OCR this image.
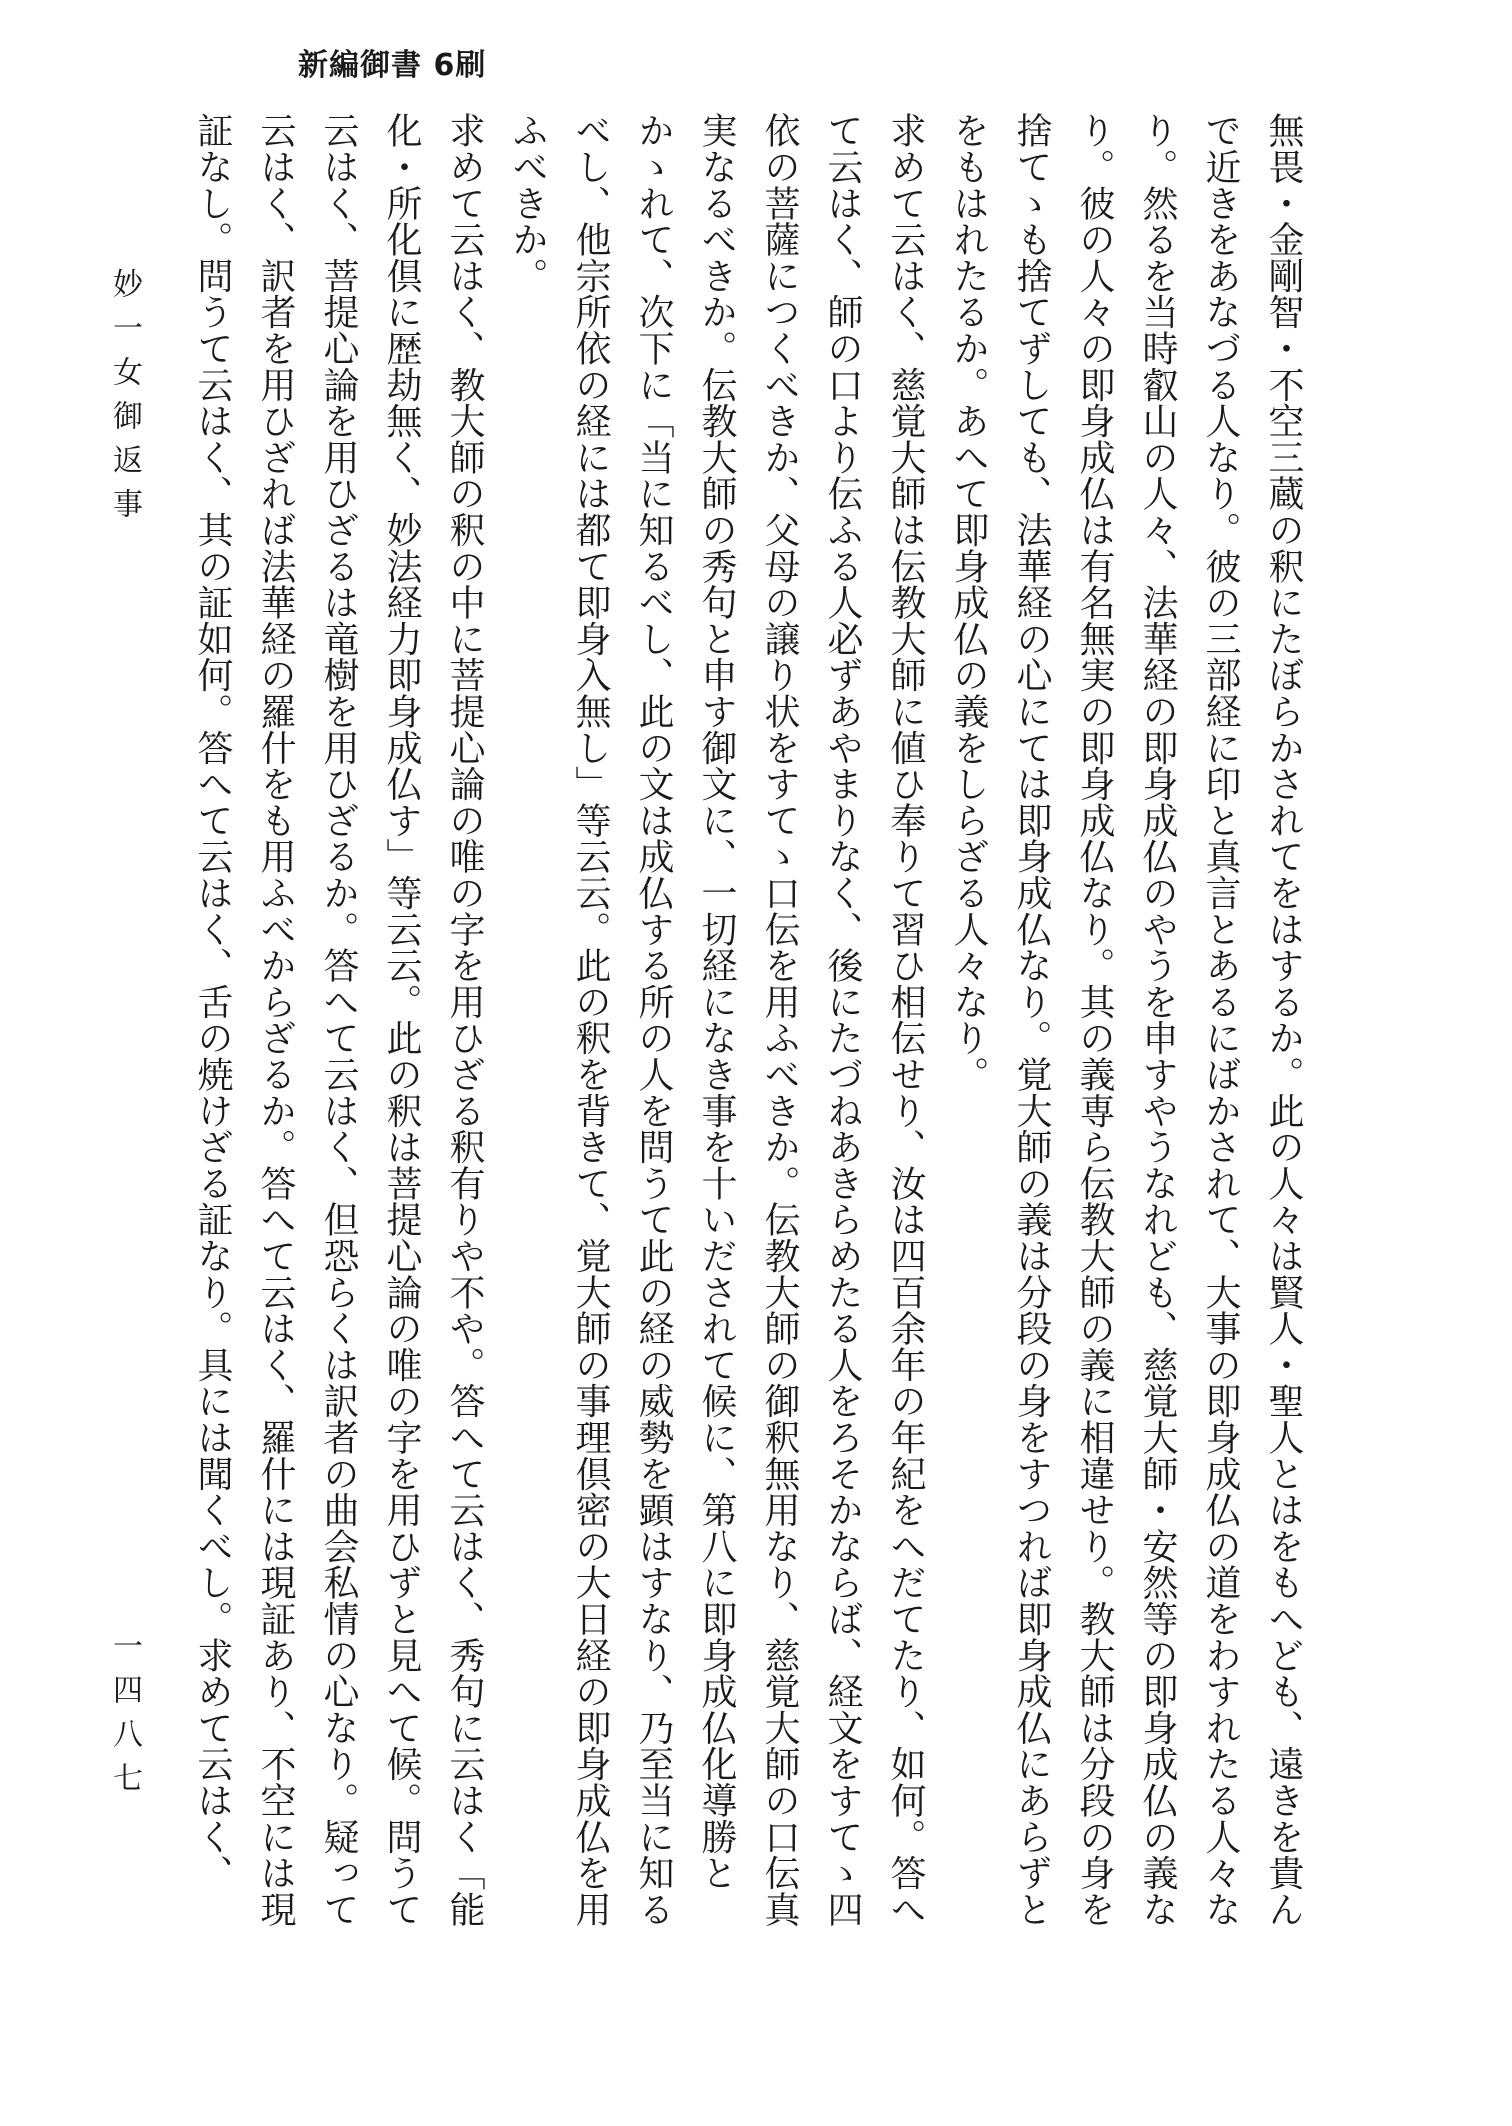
新編御書 6刷

無畏・金剛智・不空三蔵の釈にたぼらかされてをはするか。此の人々は賢人・聖人とはをもへども、遠きを貴んで近きをあなづる人なり。彼の三部経に印と真言とあるにばかされて、大事の即身成仏の道をわすれたる人々なり。然るを当時叡山の人々、法華経の即身成仏のやうを申すやうなれども、慈覚大師・安然等の即身成仏の義なり。彼の人々の即身成仏は有名無実の即身成仏なり。其の義専ら伝教大師の義に相違せり。教大師は分段の身を捨てゝも捨てずしても、法華経の心にては即身成仏なり。覚大師の義は分段の身をすつれば即身成仏にあらずとをもはれたるか。あへて即身成仏の義をしらざる人々なり。

求めて云はく、慈覚大師は伝教大師に値ひ奉りて習ひ相伝せり、汝は四百余年の年紀をへだてたり、如何。答へて云はく、師の口より伝ふる人必ずあやまりなく、後にたづねあきらめたる人をろそかならば、経文をすてゝ四依の菩薩につくべきか、父母の譲り状をすてゝ口伝を用ふべきか。伝教大師の御釈無用なり、慈覚大師の口伝真実なるべきか。伝教大師の秀句と申す御文に、一切経になき事を十いだされて候に、第八に即身成仏化導勝とかゝれて、次下に「当に知るべし、此の文は成仏する所の人を問うて此の経の威勢を顕はすなり、乃至当に知るべし、他宗所依の経には都て即身入無し」等云云。此の釈を背きて、覚大師の事理倶密の大日経の即身成仏を用ふべきか。

求めて云はく、教大師の釈の中に菩提心論の唯の字を用ひざる釈有りや不や。答へて云はく、秀句に云はく「能化・所化倶に歴劫無く、妙法経力即身成仏す」等云云。此の釈は菩提心論の唯の字を用ひずと見へて候。問うて云はく、菩提心論を用ひざるは竜樹を用ひざるか。答へて云はく、但恐らくは訳者の曲会私情の心なり。疑って云はく、訳者を用ひざれば法華経の羅什をも用ふべからざるか。答へて云はく、羅什には現証あり、不空には現証なし。問うて云はく、其の証如何。答へて云はく、舌の焼けざる証なり。具には聞くべし。求めて云はく、

妙一女御返事
一四八七
